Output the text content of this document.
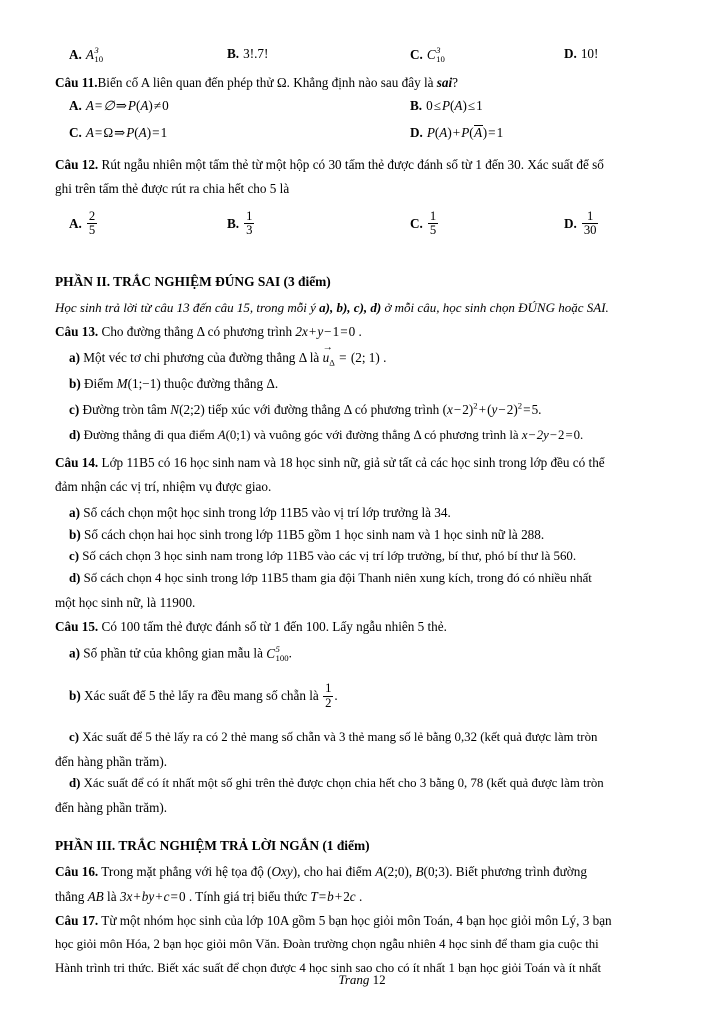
A. A 3
10	B. 3!.7!	C. C 3
10	D. 10!
Câu 11.Biến cố A liên quan đến phép thử Ω. Khẳng định nào sau đây là sai?
A. A=∅⇒P(A)≠0	B. 0≤P(A)≤1
C. A=Ω⇒P(A)=1	D. P(A)+P(A)=1
Câu 12. Rút ngẫu nhiên một tấm thẻ từ một hộp có 30 tấm thẻ được đánh số từ 1 đến 30. Xác suất để số
ghi trên tấm thẻ được rút ra chia hết cho 5 là
A. $\frac{2}{5}$	B. $\frac{1}{3}$	C. $\frac{1}{5}$	D. $\frac{1}{30}$
PHẦN II. TRẮC NGHIỆM ĐÚNG SAI (3 điểm)
Học sinh trả lời từ câu 13 đến câu 15, trong mỗi ý a), b), c), d) ở mỗi câu, học sinh chọn ĐÚNG hoặc SAI.
Câu 13. Cho đường thẳng Δ có phương trình 2x+y−1=0 .
a) Một véc tơ chi phương của đường thẳng Δ là $u \to_\Delta = (2$; 1) .
b) Điểm M(1;−1) thuộc đường thẳng Δ.
c) Đường tròn tâm N(2;2) tiếp xúc với đường thẳng Δ có phương trình $(x-2)^2+(y-2)^2=5$.
d) Đường thẳng đi qua điểm A(0;1) và vuông góc với đường thẳng Δ có phương trình là x−2y−2=0.
Câu 14. Lớp 11B5 có 16 học sinh nam và 18 học sinh nữ, giả sử tất cả các học sinh trong lớp đều có thể
đảm nhận các vị trí, nhiệm vụ được giao.
a) Số cách chọn một học sinh trong lớp 11B5 vào vị trí lớp trưởng là 34.
b) Số cách chọn hai học sinh trong lớp 11B5 gồm 1 học sinh nam và 1 học sinh nữ là 288.
c) Số cách chọn 3 học sinh nam trong lớp 11B5 vào các vị trí lớp trưởng, bí thư, phó bí thư là 560.
d) Số cách chọn 4 học sinh trong lớp 11B5 tham gia đội Thanh niên xung kích, trong đó có nhiều nhất
một học sinh nữ, là 11900.
Câu 15. Có 100 tấm thẻ được đánh số từ 1 đến 100. Lấy ngẫu nhiên 5 thẻ.
a) Số phần tử của không gian mẫu là C 5
100 .
b) Xác suất để 5 thẻ lấy ra đều mang số chẵn là $\frac{1}{2}$ .
c) Xác suất để 5 thẻ lấy ra có 2 thẻ mang số chẵn và 3 thẻ mang số lẻ bằng 0,32 (kết quả được làm tròn
đến hàng phần trăm).
d) Xác suất để có ít nhất một số ghi trên thẻ được chọn chia hết cho 3 bằng 0, 78 (kết quả được làm tròn
đến hàng phần trăm).
PHẦN III. TRẮC NGHIỆM TRẢ LỜI NGẮN (1 điểm)
Câu 16. Trong mặt phẳng với hệ tọa độ (Oxy), cho hai điểm A(2;0), B(0;3). Biết phương trình đường
thẳng AB là 3x+by+c=0 . Tính giá trị biểu thức T=b+2c .
Câu 17. Từ một nhóm học sinh của lớp 10A gồm 5 bạn học giỏi môn Toán, 4 bạn học giỏi môn Lý, 3 bạn
học giỏi môn Hóa, 2 bạn học giỏi môn Văn. Đoàn trường chọn ngẫu nhiên 4 học sinh để tham gia cuộc thi
Hành trình tri thức. Biết xác suất để chọn được 4 học sinh sao cho có ít nhất 1 bạn học giỏi Toán và ít nhất
Trang 12
